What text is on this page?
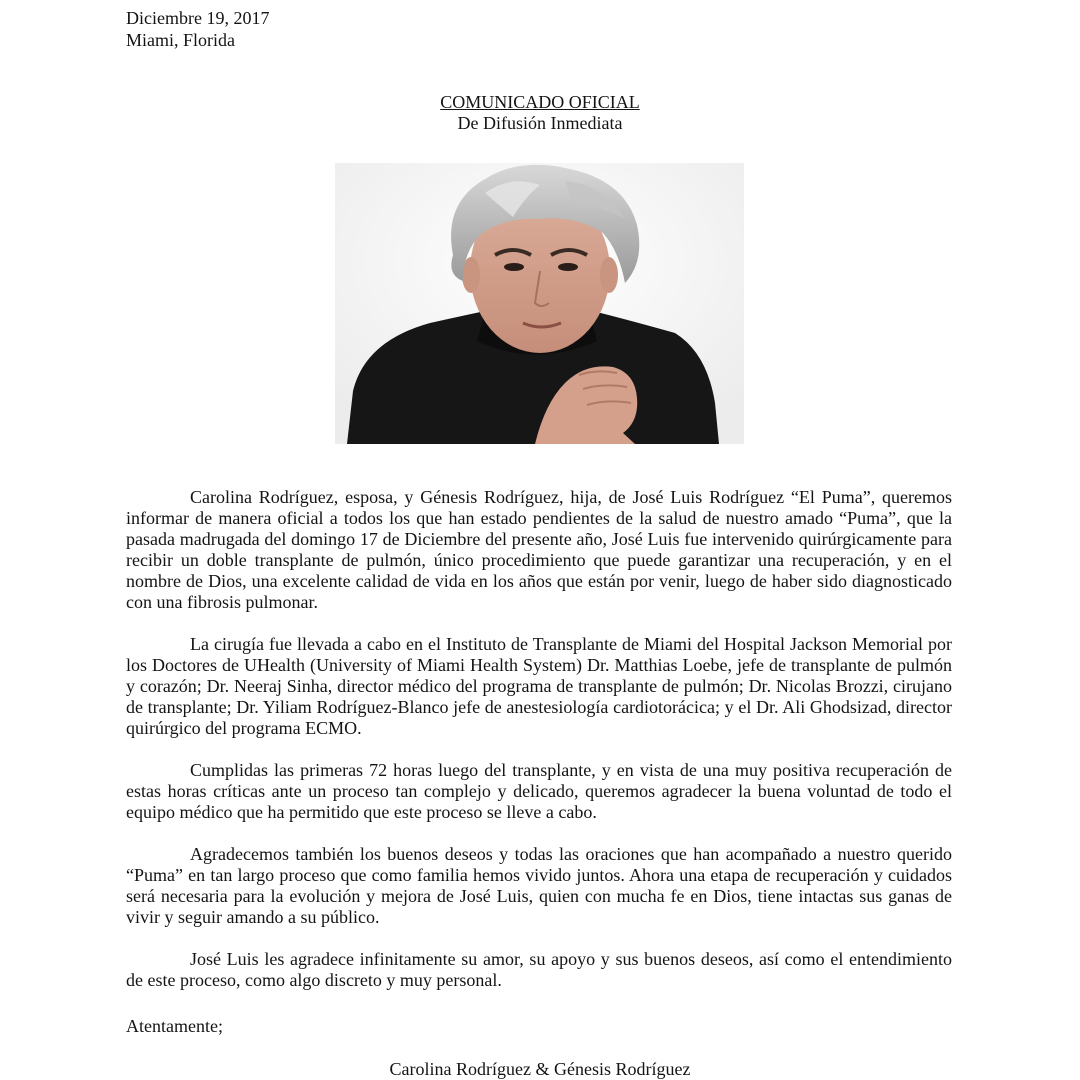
Diciembre 19, 2017
Miami, Florida
COMUNICADO OFICIAL
De Difusión Inmediata

Carolina Rodríguez, esposa, y Génesis Rodríguez, hija, de José Luis Rodríguez “El Puma”, queremos informar de manera oficial a todos los que han estado pendientes de la salud de nuestro amado “Puma”, que la pasada madrugada del domingo 17 de Diciembre del presente año, José Luis fue intervenido quirúrgicamente para recibir un doble transplante de pulmón, único procedimiento que puede garantizar una recuperación, y en el nombre de Dios, una excelente calidad de vida en los años que están por venir, luego de haber sido diagnosticado con una fibrosis pulmonar.

La cirugía fue llevada a cabo en el Instituto de Transplante de Miami del Hospital Jackson Memorial por los Doctores de UHealth (University of Miami Health System) Dr. Matthias Loebe, jefe de transplante de pulmón y corazón; Dr. Neeraj Sinha, director médico del programa de transplante de pulmón; Dr. Nicolas Brozzi, cirujano de transplante; Dr. Yiliam Rodríguez-Blanco jefe de anestesiología cardiotorácica; y el Dr. Ali Ghodsizad, director quirúrgico del programa ECMO.

Cumplidas las primeras 72 horas luego del transplante, y en vista de una muy positiva recuperación de estas horas críticas ante un proceso tan complejo y delicado, queremos agradecer la buena voluntad de todo el equipo médico que ha permitido que este proceso se lleve a cabo.

Agradecemos también los buenos deseos y todas las oraciones que han acompañado a nuestro querido “Puma” en tan largo proceso que como familia hemos vivido juntos. Ahora una etapa de recuperación y cuidados será necesaria para la evolución y mejora de José Luis, quien con mucha fe en Dios, tiene intactas sus ganas de vivir y seguir amando a su público.

José Luis les agradece infinitamente su amor, su apoyo y sus buenos deseos, así como el entendimiento de este proceso, como algo discreto y muy personal.

Atentamente;
Carolina Rodríguez & Génesis Rodríguez
